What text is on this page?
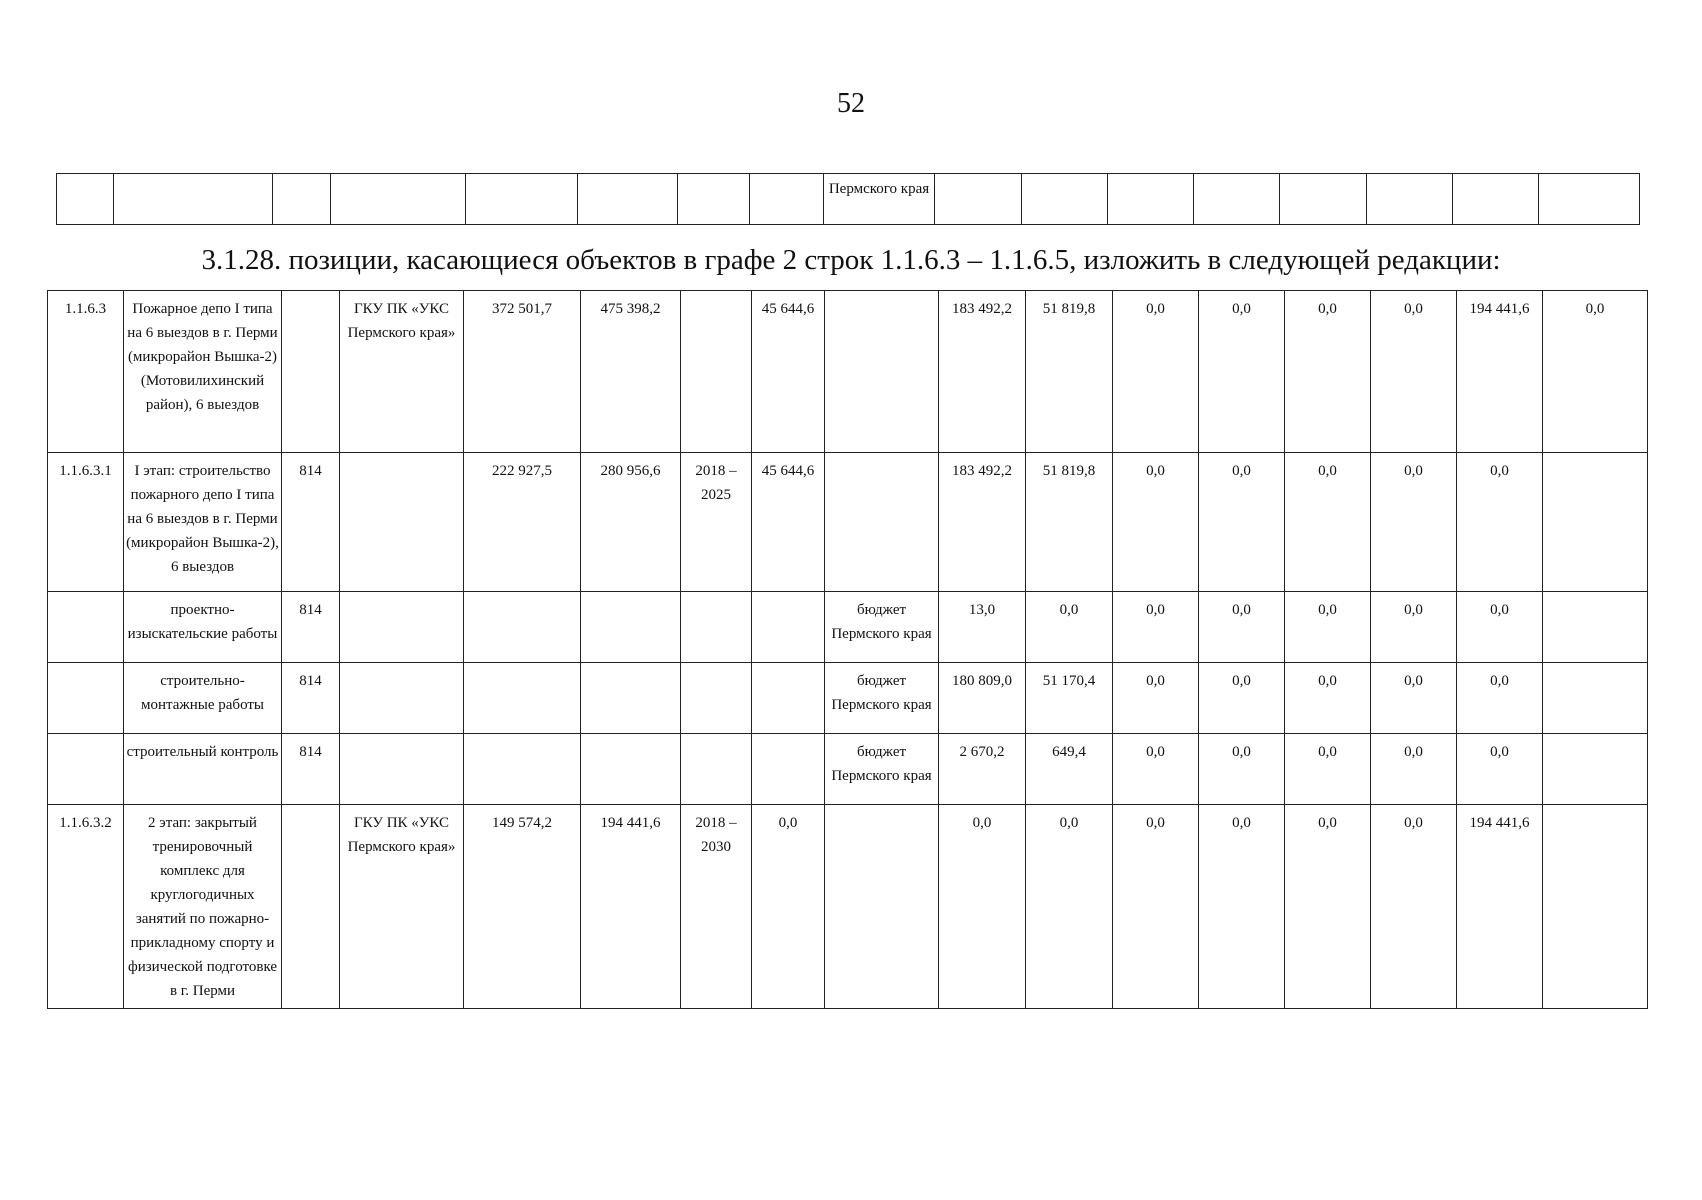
52
								Пермского края								
3.1.28. позиции, касающиеся объектов в графе 2 строк 1.1.6.3 – 1.1.6.5, изложить в следующей редакции:
1.1.6.3	Пожарное депо I типа на 6 выездов в г. Перми (микрорайон Вышка-2) (Мотовилихинский район), 6 выездов		ГКУ ПК «УКС Пермского края»	372 501,7	475 398,2		45 644,6		183 492,2	51 819,8	0,0	0,0	0,0	0,0	194 441,6	0,0
1.1.6.3.1	I этап: строительство пожарного депо I типа на 6 выездов в г. Перми (микрорайон Вышка-2), 6 выездов	814		222 927,5	280 956,6	2018 – 2025	45 644,6		183 492,2	51 819,8	0,0	0,0	0,0	0,0	0,0	
	проектно-изыскательские работы	814						бюджет Пермского края	13,0	0,0	0,0	0,0	0,0	0,0	0,0	
	строительно-монтажные работы	814						бюджет Пермского края	180 809,0	51 170,4	0,0	0,0	0,0	0,0	0,0	
	строительный контроль	814						бюджет Пермского края	2 670,2	649,4	0,0	0,0	0,0	0,0	0,0	
1.1.6.3.2	2 этап: закрытый тренировочный комплекс для круглогодичных занятий по пожарно-прикладному спорту и физической подготовке в г. Перми		ГКУ ПК «УКС Пермского края»	149 574,2	194 441,6	2018 – 2030	0,0		0,0	0,0	0,0	0,0	0,0	0,0	194 441,6	
